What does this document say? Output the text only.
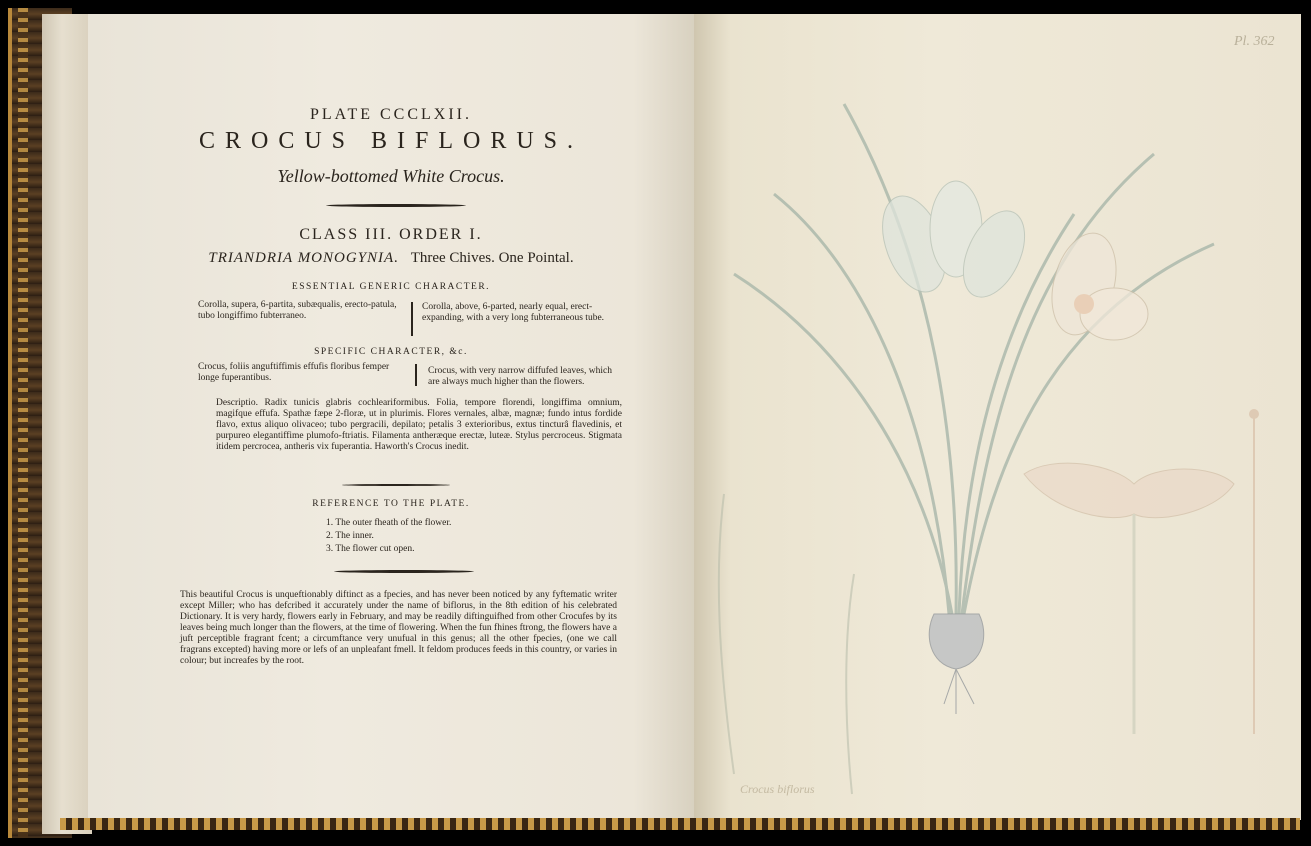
PLATE CCCLXII.
CROCUS BIFLORUS.
Yellow-bottomed White Crocus.
CLASS III. ORDER I.
TRIANDRIA MONOGYNIA. Three Chives. One Pointal.
ESSENTIAL GENERIC CHARACTER.
Corolla, supera, 6-partita, subæqualis, erecto-patula, tubo longiffimo fubterraneo.
Corolla, above, 6-parted, nearly equal, erect-expanding, with a very long fubterraneous tube.
SPECIFIC CHARACTER, &c.
Crocus, foliis anguftiffimis effufis floribus femper longe fuperantibus.
Crocus, with very narrow diffufed leaves, which are always much higher than the flowers.
Descriptio. Radix tunicis glabris cochleariformibus. Folia, tempore florendi, longiffima omnium, magifque effufa. Spathæ fæpe 2-floræ, ut in plurimis. Flores vernales, albæ, magnæ; fundo intus fordide flavo, extus aliquo olivaceo; tubo pergracili, depilato; petalis 3 exterioribus, extus tincturâ flavedinis, et purpureo elegantiffime plumofo-ftriatis. Filamenta antheræque erectæ, luteæ. Stylus percroceus. Stigmata itidem percrocea, antheris vix fuperantia. Haworth's Crocus inedit.
REFERENCE TO THE PLATE.
1. The outer fheath of the flower.
2. The inner.
3. The flower cut open.
This beautiful Crocus is unqueftionably diftinct as a fpecies, and has never been noticed by any fyftematic writer except Miller; who has defcribed it accurately under the name of biflorus, in the 8th edition of his celebrated Dictionary. It is very hardy, flowers early in February, and may be readily diftinguifhed from other Crocufes by its leaves being much longer than the flowers, at the time of flowering. When the fun fhines ftrong, the flowers have a juft perceptible fragrant fcent; a circumftance very unufual in this genus; all the other fpecies, (one we call fragrans excepted) having more or lefs of an unpleafant fmell. It feldom produces feeds in this country, or varies in colour; but increafes by the root.
Pl. 362
Crocus biflorus
